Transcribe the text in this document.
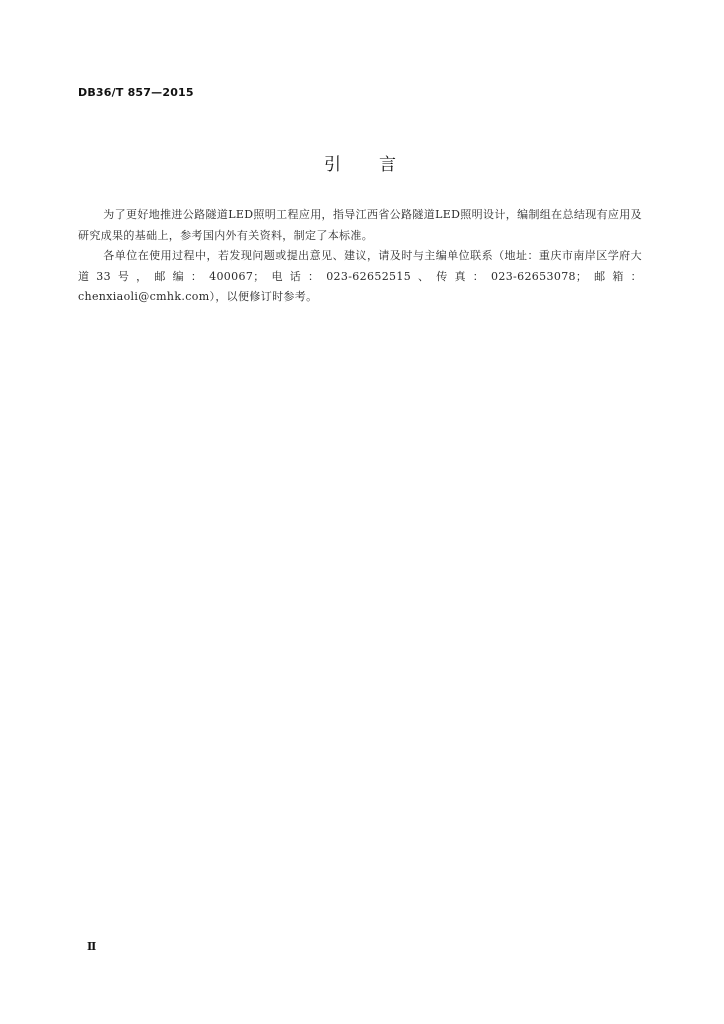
DB36/T 857—2015
引言

为了更好地推进公路隧道LED照明工程应用，指导江西省公路隧道LED照明设计，编制组在总结现有应用及研究成果的基础上，参考国内外有关资料，制定了本标准。

各单位在使用过程中，若发现问题或提出意见、建议，请及时与主编单位联系（地址：重庆市南岸区学府大道33号，邮编：400067；电话：023-62652515、传真：023-62653078；邮箱：chenxiaoli@cmhk.com），以便修订时参考。

Ⅱ
